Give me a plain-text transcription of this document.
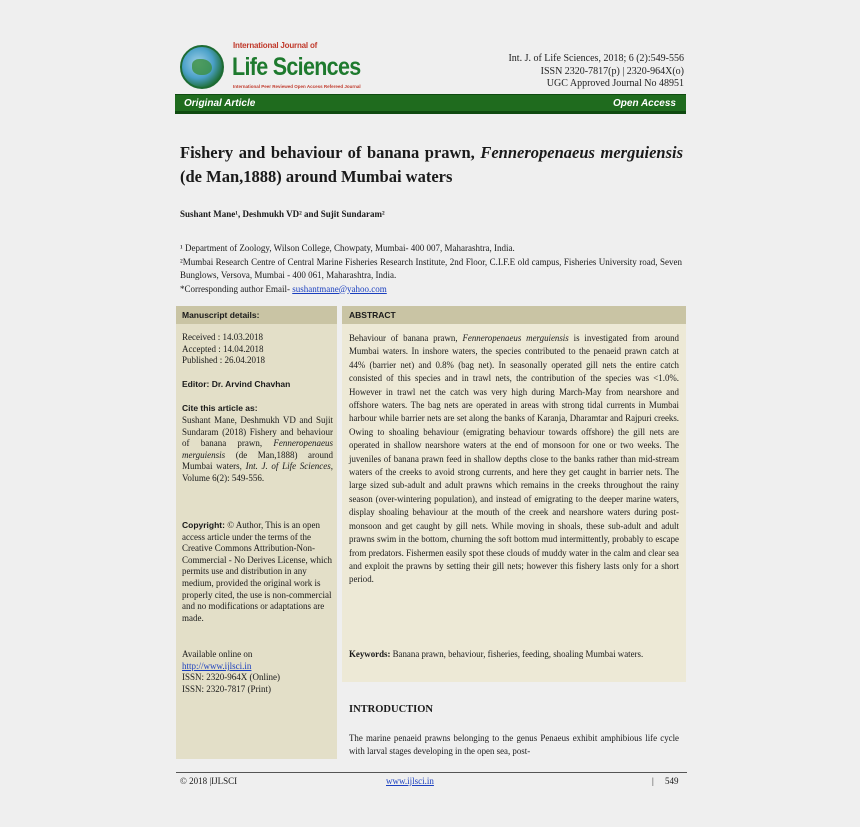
International Journal of
Life Sciences
International Peer Reviewed Open Access Refereed Journal
Int. J. of Life Sciences, 2018; 6 (2):549-556
ISSN 2320-7817(p) | 2320-964X(o)
UGC Approved Journal No 48951
Original Article	Open Access
Fishery and behaviour of banana prawn, Fenneropenaeus merguiensis (de Man,1888) around Mumbai waters
Sushant Mane¹, Deshmukh VD² and Sujit Sundaram²
¹ Department of Zoology, Wilson College, Chowpaty, Mumbai- 400 007, Maharashtra, India.
²Mumbai Research Centre of Central Marine Fisheries Research Institute, 2nd Floor, C.I.F.E old campus, Fisheries University road, Seven Bunglows, Versova, Mumbai - 400 061, Maharashtra, India.
*Corresponding author Email- sushantmane@yahoo.com
Manuscript details:
Received : 14.03.2018
Accepted : 14.04.2018
Published : 26.04.2018
Editor: Dr. Arvind Chavhan
Cite this article as:
Sushant Mane, Deshmukh VD and Sujit Sundaram (2018) Fishery and behaviour of banana prawn, Fenneropenaeus merguiensis (de Man,1888) around Mumbai waters, Int. J. of Life Sciences, Volume 6(2): 549-556.
Copyright: © Author, This is an open access article under the terms of the Creative Commons Attribution-Non-Commercial - No Derives License, which permits use and distribution in any medium, provided the original work is properly cited, the use is non-commercial and no modifications or adaptations are made.
Available online on
http://www.ijlsci.in
ISSN: 2320-964X (Online)
ISSN: 2320-7817 (Print)
ABSTRACT
Behaviour of banana prawn, Fenneropenaeus merguiensis is investigated from around Mumbai waters. In inshore waters, the species contributed to the penaeid prawn catch at 44% (barrier net) and 0.8% (bag net). In seasonally operated gill nets the entire catch consisted of this species and in trawl nets, the contribution of the species was <1.0%. However in trawl net the catch was very high during March-May from nearshore and offshore waters. The bag nets are operated in areas with strong tidal currents in Mumbai harbour while barrier nets are set along the banks of Karanja, Dharamtar and Rajpuri creeks. Owing to shoaling behaviour (emigrating behaviour towards offshore) the gill nets are operated in shallow nearshore waters at the end of monsoon for one or two weeks. The juveniles of banana prawn feed in shallow depths close to the banks rather than mid-stream waters of the creeks to avoid strong currents, and here they get caught in barrier nets. The large sized sub-adult and adult prawns which remains in the creeks throughout the rainy season (over-wintering population), and instead of emigrating to the deeper marine waters, display shoaling behaviour at the mouth of the creek and nearshore waters during post-monsoon and get caught by gill nets. While moving in shoals, these sub-adult and adult prawns swim in the bottom, churning the soft bottom mud intermittently, probably to escape from predators. Fishermen easily spot these clouds of muddy water in the calm and clear sea and exploit the prawns by setting their gill nets; however this fishery lasts only for a short period.
Keywords: Banana prawn, behaviour, fisheries, feeding, shoaling Mumbai waters.
INTRODUCTION
The marine penaeid prawns belonging to the genus Penaeus exhibit amphibious life cycle with larval stages developing in the open sea, post-
© 2018 |IJLSCI	www.ijlsci.in	|     549
